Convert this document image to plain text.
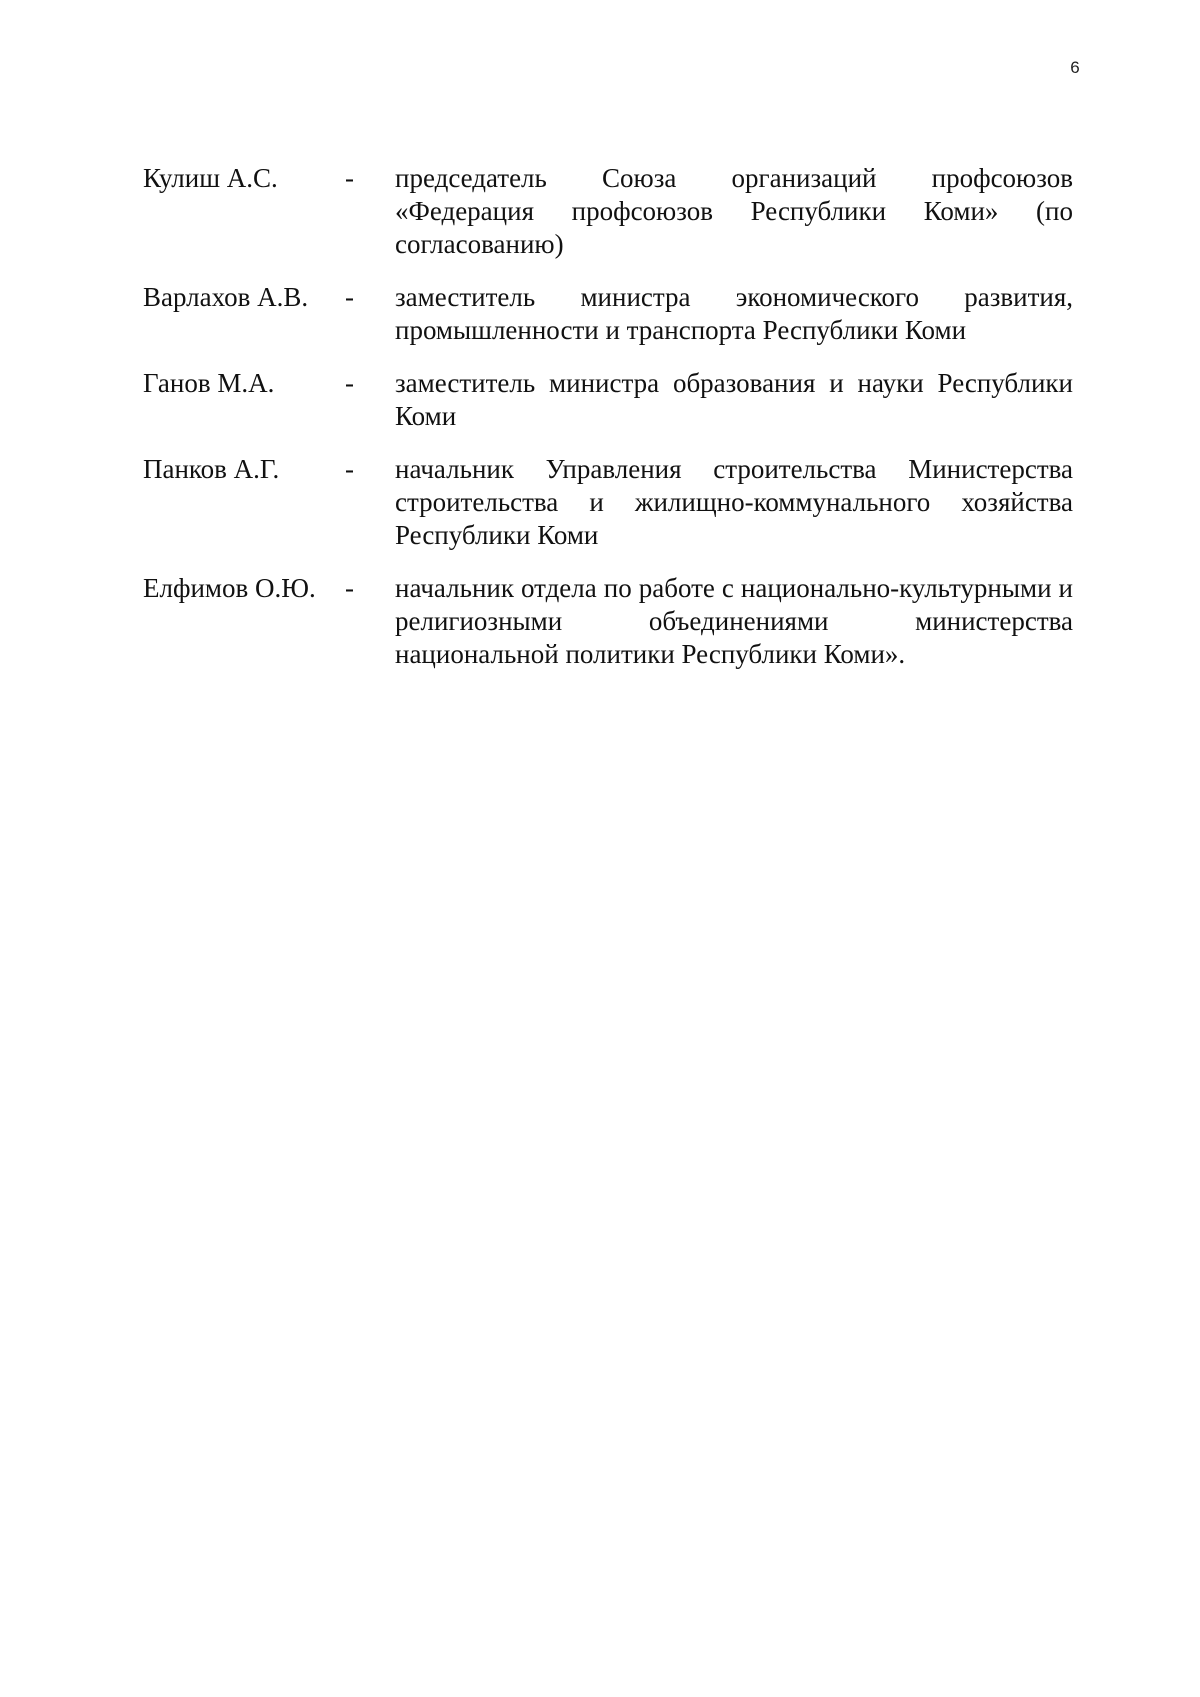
6
Кулиш А.С.	-	председатель Союза организаций профсоюзов «Федерация профсоюзов Республики Коми» (по согласованию)
Варлахов А.В.	-	заместитель министра экономического развития, промышленности и транспорта Республики Коми
Ганов М.А.	-	заместитель министра образования и науки Республики Коми
Панков А.Г.	-	начальник Управления строительства Министерства строительства и жилищно-коммунального хозяйства Республики Коми
Елфимов О.Ю.	-	начальник отдела по работе с национально-культурными и религиозными объединениями министерства национальной политики Республики Коми».
